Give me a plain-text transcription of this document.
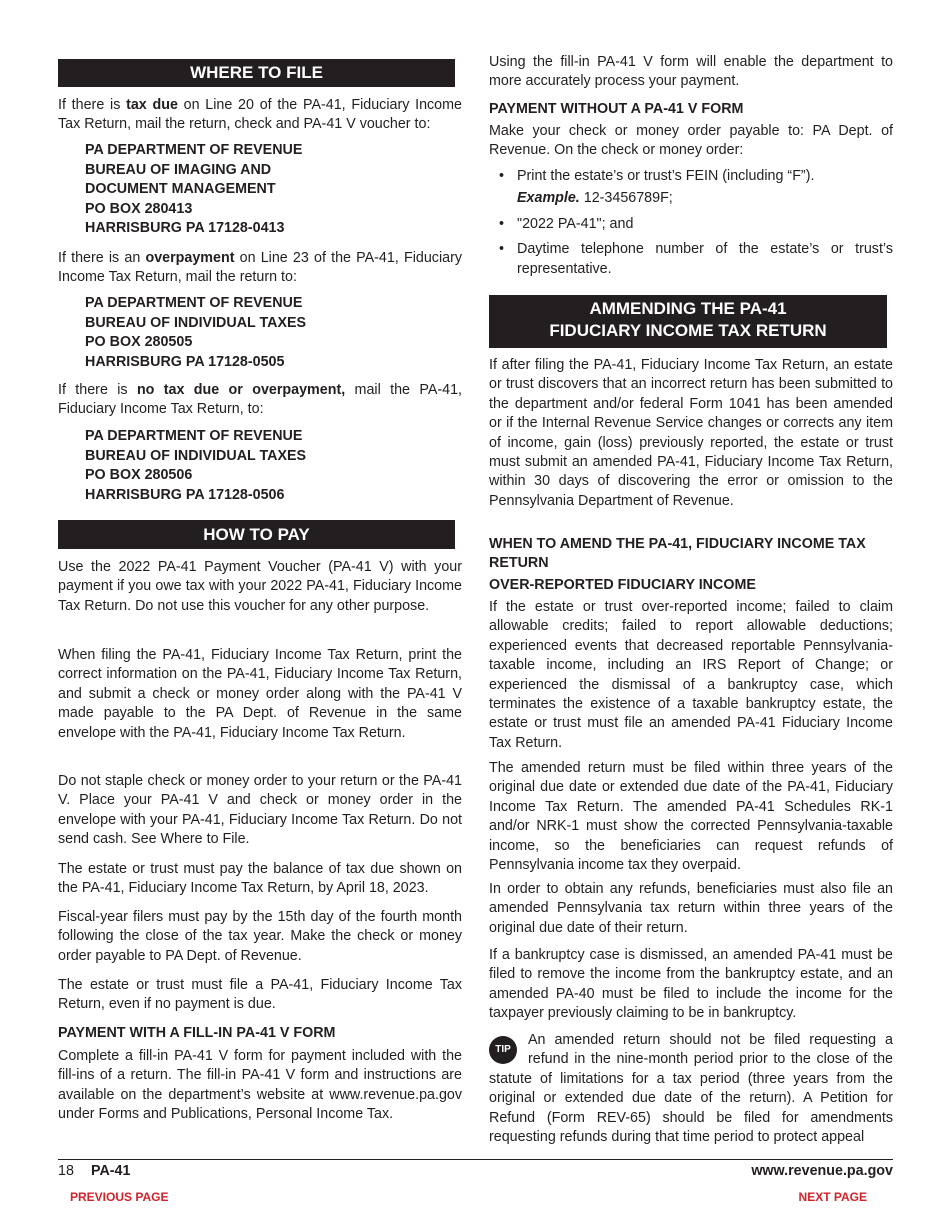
WHERE TO FILE

If there is tax due on Line 20 of the PA-41, Fiduciary Income Tax Return, mail the return, check and PA-41 V voucher to:

PA DEPARTMENT OF REVENUE
BUREAU OF IMAGING AND
DOCUMENT MANAGEMENT
PO BOX 280413
HARRISBURG PA 17128-0413

If there is an overpayment on Line 23 of the PA-41, Fiduciary Income Tax Return, mail the return to:

PA DEPARTMENT OF REVENUE
BUREAU OF INDIVIDUAL TAXES
PO BOX 280505
HARRISBURG PA 17128-0505

If there is no tax due or overpayment, mail the PA-41, Fiduciary Income Tax Return, to:

PA DEPARTMENT OF REVENUE
BUREAU OF INDIVIDUAL TAXES
PO BOX 280506
HARRISBURG PA 17128-0506
HOW TO PAY

Use the 2022 PA-41 Payment Voucher (PA-41 V) with your payment if you owe tax with your 2022 PA-41, Fiduciary Income Tax Return. Do not use this voucher for any other purpose.

When filing the PA-41, Fiduciary Income Tax Return, print the correct information on the PA-41, Fiduciary Income Tax Return, and submit a check or money order along with the PA-41 V made payable to the PA Dept. of Revenue in the same envelope with the PA-41, Fiduciary Income Tax Return.

Do not staple check or money order to your return or the PA-41 V. Place your PA-41 V and check or money order in the envelope with your PA-41, Fiduciary Income Tax Return. Do not send cash. See Where to File.

The estate or trust must pay the balance of tax due shown on the PA-41, Fiduciary Income Tax Return, by April 18, 2023.

Fiscal-year filers must pay by the 15th day of the fourth month following the close of the tax year. Make the check or money order payable to PA Dept. of Revenue.

The estate or trust must file a PA-41, Fiduciary Income Tax Return, even if no payment is due.

PAYMENT WITH A FILL-IN PA-41 V FORM

Complete a fill-in PA-41 V form for payment included with the fill-ins of a return. The fill-in PA-41 V form and instructions are available on the department’s website at www.revenue.pa.gov under Forms and Publications, Personal Income Tax.

Using the fill-in PA-41 V form will enable the department to more accurately process your payment.

PAYMENT WITHOUT A PA-41 V FORM

Make your check or money order payable to: PA Dept. of Revenue. On the check or money order:

• Print the estate’s or trust’s FEIN (including “F”).
Example. 12-3456789F;
• "2022 PA-41"; and
• Daytime telephone number of the estate’s or trust’s representative.
AMMENDING THE PA-41
FIDUCIARY INCOME TAX RETURN

If after filing the PA-41, Fiduciary Income Tax Return, an estate or trust discovers that an incorrect return has been submitted to the department and/or federal Form 1041 has been amended or if the Internal Revenue Service changes or corrects any item of income, gain (loss) previously reported, the estate or trust must submit an amended PA-41, Fiduciary Income Tax Return, within 30 days of discovering the error or omission to the Pennsylvania Department of Revenue.

WHEN TO AMEND THE PA-41, FIDUCIARY INCOME TAX RETURN
OVER-REPORTED FIDUCIARY INCOME

If the estate or trust over-reported income; failed to claim allowable credits; failed to report allowable deductions; experienced events that decreased reportable Pennsylvania-taxable income, including an IRS Report of Change; or experienced the dismissal of a bankruptcy case, which terminates the existence of a taxable bankruptcy estate, the estate or trust must file an amended PA-41 Fiduciary Income Tax Return.

The amended return must be filed within three years of the original due date or extended due date of the PA-41, Fiduciary Income Tax Return. The amended PA-41 Schedules RK-1 and/or NRK-1 must show the corrected Pennsylvania-taxable income, so the beneficiaries can request refunds of Pennsylvania income tax they overpaid.

In order to obtain any refunds, beneficiaries must also file an amended Pennsylvania tax return within three years of the original due date of their return.

If a bankruptcy case is dismissed, an amended PA-41 must be filed to remove the income from the bankruptcy estate, and an amended PA-40 must be filed to include the income for the taxpayer previously claiming to be in bankruptcy.

TIP

An amended return should not be filed requesting a refund in the nine-month period prior to the close of the statute of limitations for a tax period (three years from the original or extended due date of the return). A Petition for Refund (Form REV-65) should be filed for amendments requesting refunds during that time period to protect appeal

18 PA-41	www.revenue.pa.gov
PREVIOUS PAGE	NEXT PAGE
